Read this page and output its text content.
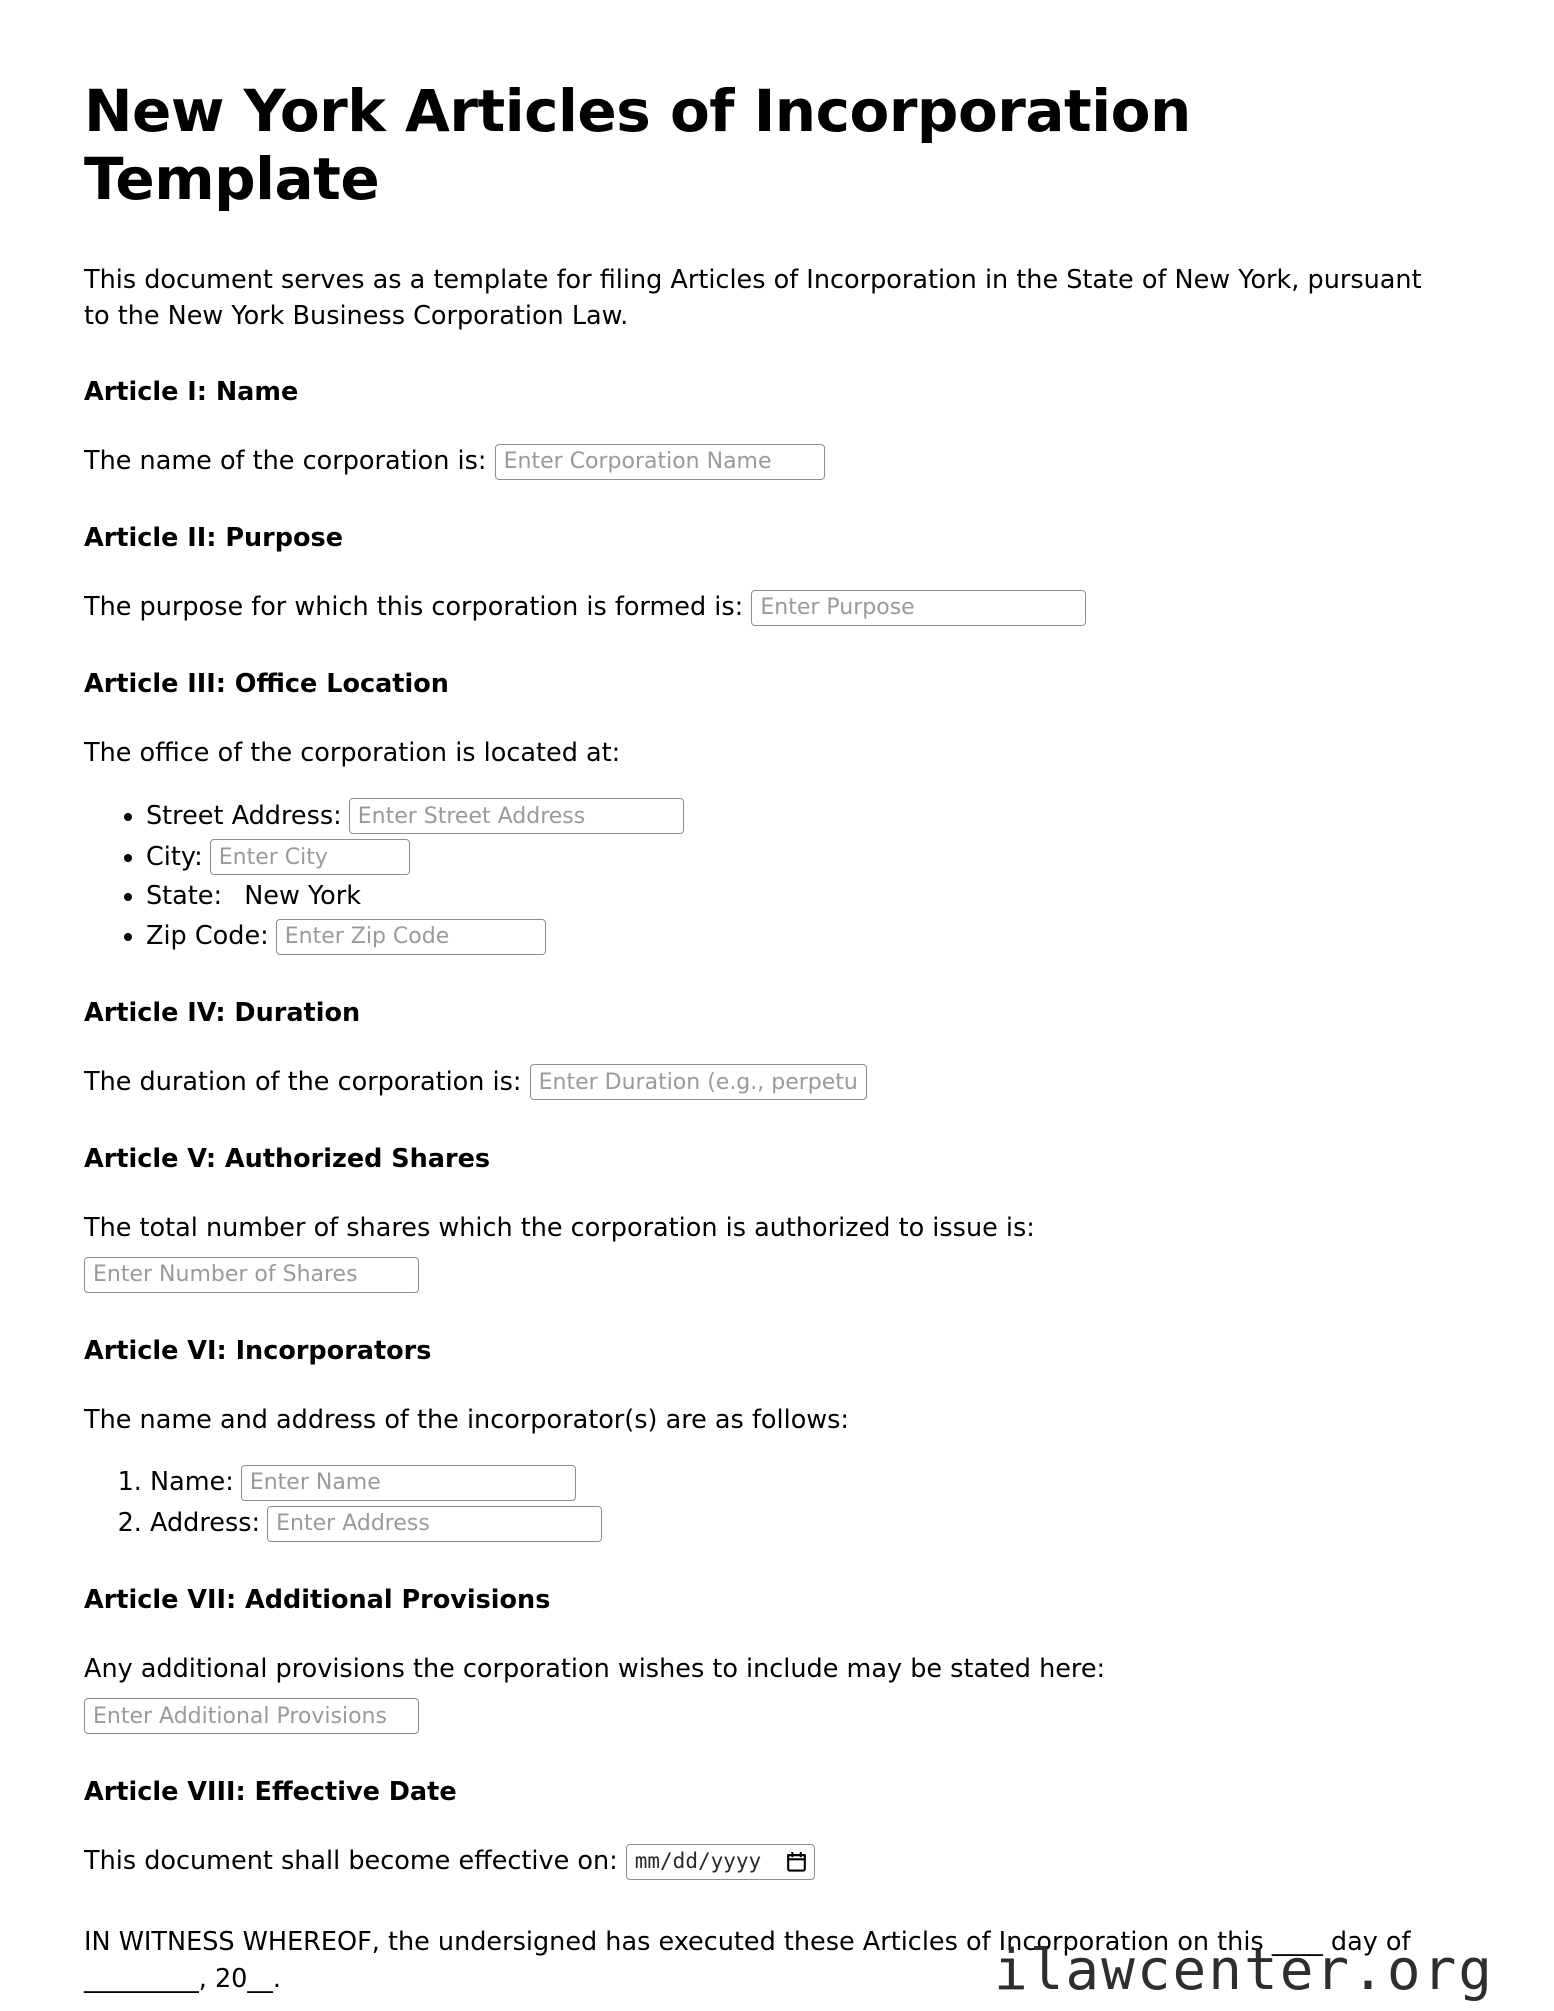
New York Articles of Incorporation Template

This document serves as a template for filing Articles of Incorporation in the State of New York, pursuant to the New York Business Corporation Law.

Article I: Name

The name of the corporation is:

Enter Corporation Name

Article II: Purpose

The purpose for which this corporation is formed is:

Enter Purpose

Article III: Office Location

The office of the corporation is located at:

• Street Address:
Enter Street Address
• City:
Enter City
• State:
New York
• Zip Code:
Enter Zip Code
Article IV: Duration

The duration of the corporation is:

Enter Duration (e.g., perpetual)

Article V: Authorized Shares

The total number of shares which the corporation is authorized to issue is:
Enter Number of Shares

Article VI: Incorporators

The name and address of the incorporator(s) are as follows:

1. Name:
Enter Name
2. Address:
Enter Address
Article VII: Additional Provisions

Any additional provisions the corporation wishes to include may be stated here:
Enter Additional Provisions

Article VIII: Effective Date

This document shall become effective on: mm/dd/yyyy

IN WITNESS WHEREOF, the undersigned has executed these Articles of Incorporation on this ____ day of _________, 20__.	ilawcenter.org
